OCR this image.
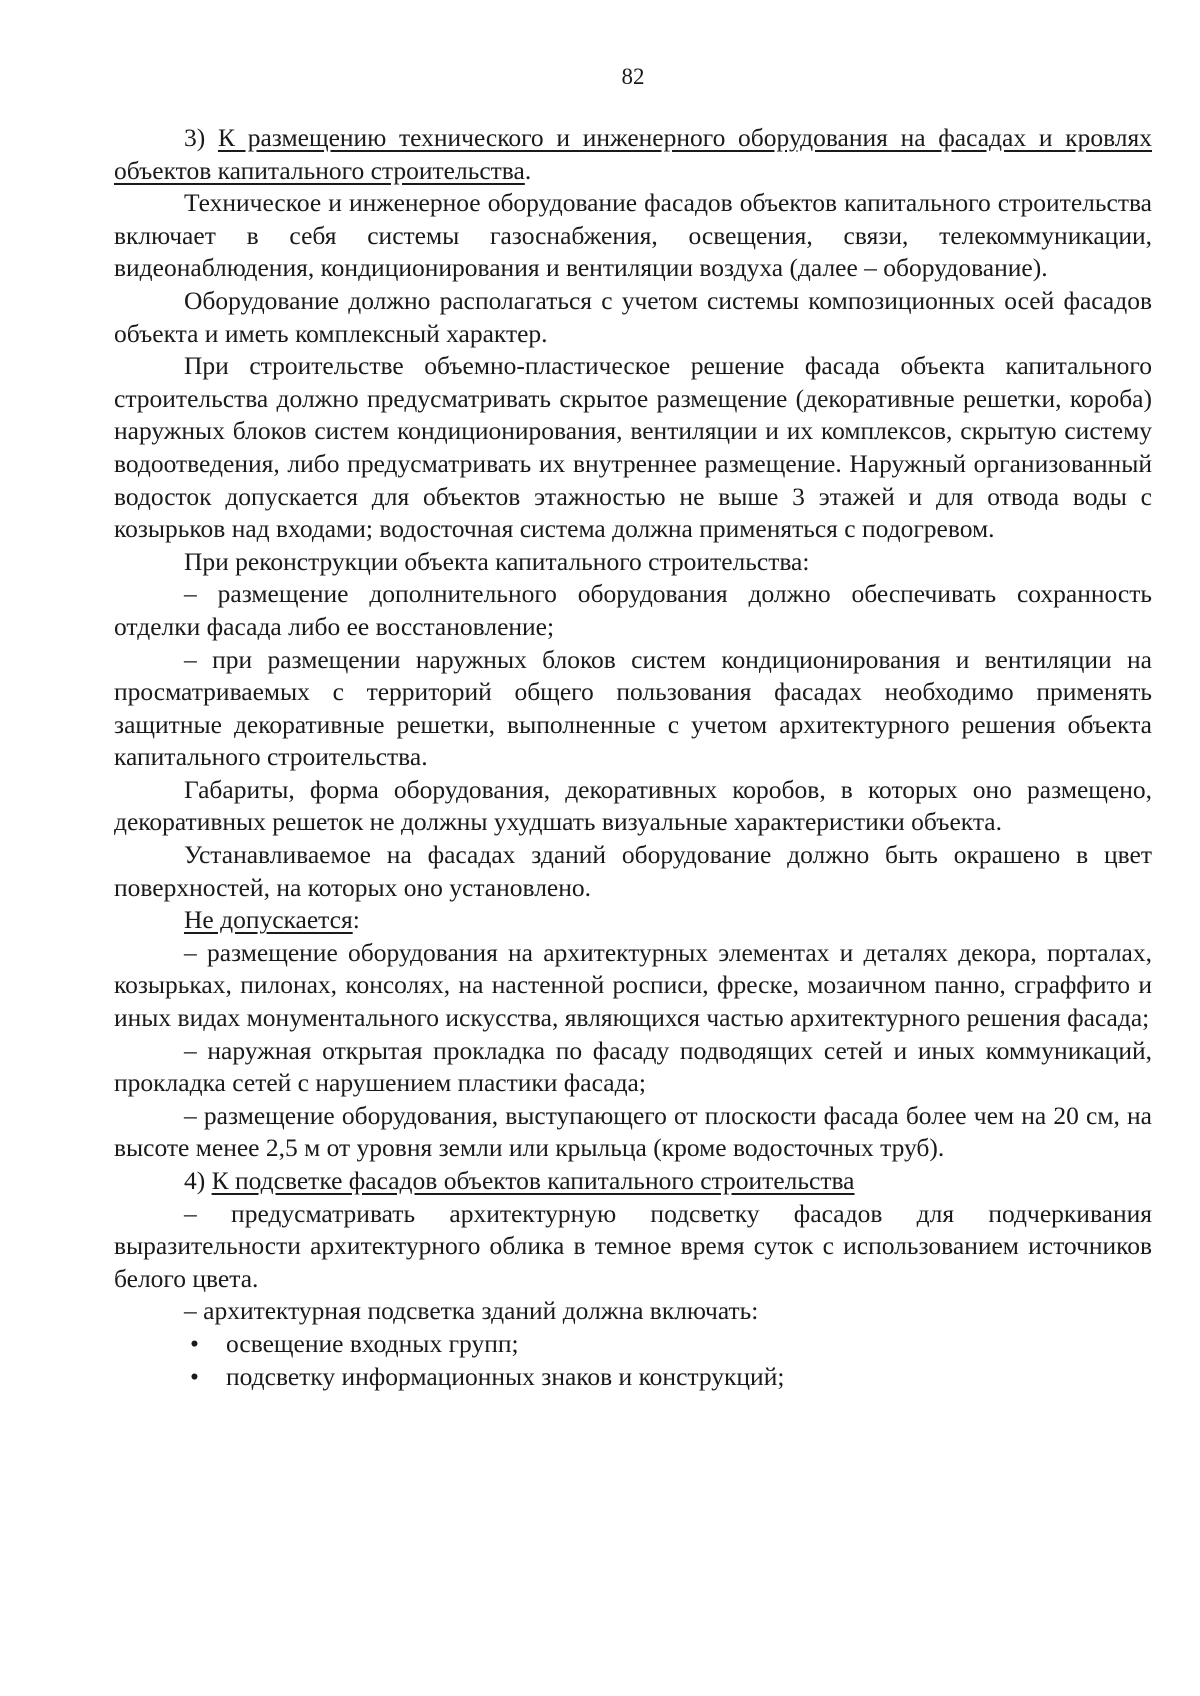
82

3) К размещению технического и инженерного оборудования на фасадах и кровлях объектов капитального строительства.

Техническое и инженерное оборудование фасадов объектов капитального строительства включает в себя системы газоснабжения, освещения, связи, телекоммуникации, видеонаблюдения, кондиционирования и вентиляции воздуха (далее – оборудование).

Оборудование должно располагаться с учетом системы композиционных осей фасадов объекта и иметь комплексный характер.

При строительстве объемно-пластическое решение фасада объекта капитального строительства должно предусматривать скрытое размещение (декоративные решетки, короба) наружных блоков систем кондиционирования, вентиляции и их комплексов, скрытую систему водоотведения, либо предусматривать их внутреннее размещение. Наружный организованный водосток допускается для объектов этажностью не выше 3 этажей и для отвода воды с козырьков над входами; водосточная система должна применяться с подогревом.

При реконструкции объекта капитального строительства:

– размещение дополнительного оборудования должно обеспечивать сохранность отделки фасада либо ее восстановление;

– при размещении наружных блоков систем кондиционирования и вентиляции на просматриваемых с территорий общего пользования фасадах необходимо применять защитные декоративные решетки, выполненные с учетом архитектурного решения объекта капитального строительства.

Габариты, форма оборудования, декоративных коробов, в которых оно размещено, декоративных решеток не должны ухудшать визуальные характеристики объекта.

Устанавливаемое на фасадах зданий оборудование должно быть окрашено в цвет поверхностей, на которых оно установлено.

Не допускается:

– размещение оборудования на архитектурных элементах и деталях декора, порталах, козырьках, пилонах, консолях, на настенной росписи, фреске, мозаичном панно, сграффито и иных видах монументального искусства, являющихся частью архитектурного решения фасада;

– наружная открытая прокладка по фасаду подводящих сетей и иных коммуникаций, прокладка сетей с нарушением пластики фасада;

– размещение оборудования, выступающего от плоскости фасада более чем на 20 см, на высоте менее 2,5 м от уровня земли или крыльца (кроме водосточных труб).

4) К подсветке фасадов объектов капитального строительства

– предусматривать архитектурную подсветку фасадов для подчеркивания выразительности архитектурного облика в темное время суток с использованием источников белого цвета.

– архитектурная подсветка зданий должна включать:

• освещение входных групп;

• подсветку информационных знаков и конструкций;
